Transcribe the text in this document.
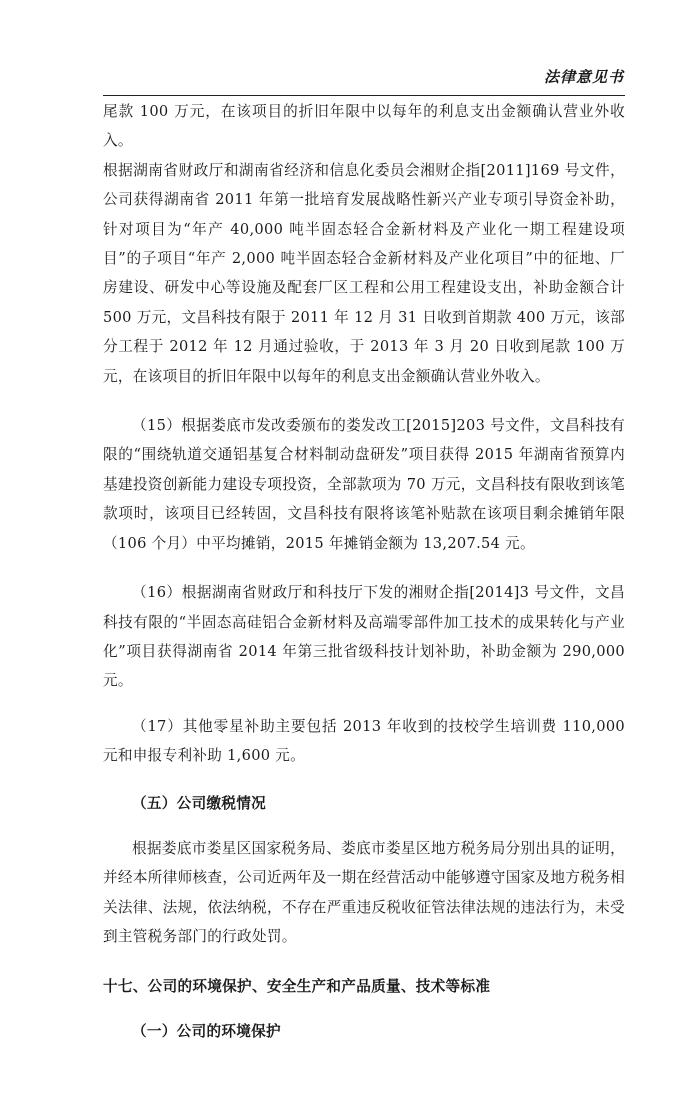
法律意见书

尾款 100 万元，在该项目的折旧年限中以每年的利息支出金额确认营业外收入。

根据湖南省财政厅和湖南省经济和信息化委员会湘财企指[2011]169 号文件，公司获得湖南省 2011 年第一批培育发展战略性新兴产业专项引导资金补助，针对项目为“年产 40,000 吨半固态轻合金新材料及产业化一期工程建设项目”的子项目“年产 2,000 吨半固态轻合金新材料及产业化项目”中的征地、厂房建设、研发中心等设施及配套厂区工程和公用工程建设支出，补助金额合计 500 万元，文昌科技有限于 2011 年 12 月 31 日收到首期款 400 万元，该部分工程于 2012 年 12 月通过验收，于 2013 年 3 月 20 日收到尾款 100 万元，在该项目的折旧年限中以每年的利息支出金额确认营业外收入。

（15）根据娄底市发改委颁布的娄发改工[2015]203 号文件，文昌科技有限的“围绕轨道交通铝基复合材料制动盘研发”项目获得 2015 年湖南省预算内基建投资创新能力建设专项投资，全部款项为 70 万元，文昌科技有限收到该笔款项时，该项目已经转固，文昌科技有限将该笔补贴款在该项目剩余摊销年限（106 个月）中平均摊销，2015 年摊销金额为 13,207.54 元。

（16）根据湖南省财政厅和科技厅下发的湘财企指[2014]3 号文件，文昌科技有限的“半固态高硅铝合金新材料及高端零部件加工技术的成果转化与产业化”项目获得湖南省 2014 年第三批省级科技计划补助，补助金额为 290,000 元。

（17）其他零星补助主要包括 2013 年收到的技校学生培训费 110,000 元和申报专利补助 1,600 元。

（五）公司缴税情况

根据娄底市娄星区国家税务局、娄底市娄星区地方税务局分别出具的证明，并经本所律师核查，公司近两年及一期在经营活动中能够遵守国家及地方税务相关法律、法规，依法纳税，不存在严重违反税收征管法律法规的违法行为，未受到主管税务部门的行政处罚。

十七、公司的环境保护、安全生产和产品质量、技术等标准

（一）公司的环境保护
